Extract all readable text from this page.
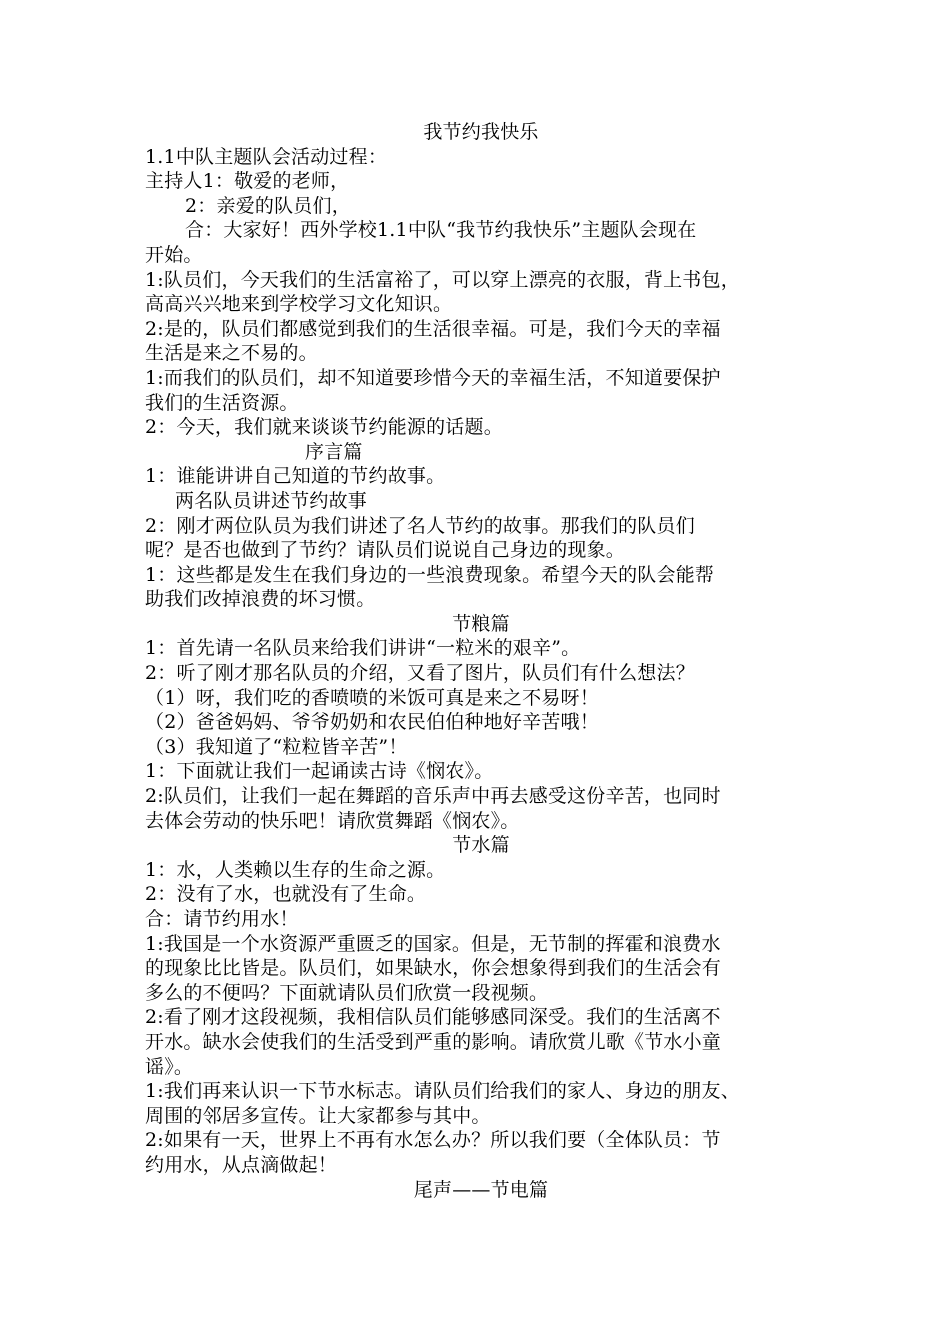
我节约我快乐
1.1中队主题队会活动过程：
主持人1：敬爱的老师，
2：亲爱的队员们，
合：大家好！西外学校1.1中队“我节约我快乐”主题队会现在
开始。
1:队员们，今天我们的生活富裕了，可以穿上漂亮的衣服，背上书包，
高高兴兴地来到学校学习文化知识。
2:是的，队员们都感觉到我们的生活很幸福。可是，我们今天的幸福
生活是来之不易的。
1:而我们的队员们，却不知道要珍惜今天的幸福生活，不知道要保护
我们的生活资源。
2：今天，我们就来谈谈节约能源的话题。
序言篇
1：谁能讲讲自己知道的节约故事。
两名队员讲述节约故事
2：刚才两位队员为我们讲述了名人节约的故事。那我们的队员们
呢？是否也做到了节约？请队员们说说自己身边的现象。
1：这些都是发生在我们身边的一些浪费现象。希望今天的队会能帮
助我们改掉浪费的坏习惯。
节粮篇
1：首先请一名队员来给我们讲讲“一粒米的艰辛”。
2：听了刚才那名队员的介绍，又看了图片，队员们有什么想法？
（1）呀，我们吃的香喷喷的米饭可真是来之不易呀！
（2）爸爸妈妈、爷爷奶奶和农民伯伯种地好辛苦哦！
（3）我知道了“粒粒皆辛苦”！
1：下面就让我们一起诵读古诗《悯农》。
2:队员们，让我们一起在舞蹈的音乐声中再去感受这份辛苦，也同时
去体会劳动的快乐吧！请欣赏舞蹈《悯农》。
节水篇
1：水，人类赖以生存的生命之源。
2：没有了水，也就没有了生命。
合：请节约用水！
1:我国是一个水资源严重匮乏的国家。但是，无节制的挥霍和浪费水
的现象比比皆是。队员们，如果缺水，你会想象得到我们的生活会有
多么的不便吗？下面就请队员们欣赏一段视频。
2:看了刚才这段视频，我相信队员们能够感同深受。我们的生活离不
开水。缺水会使我们的生活受到严重的影响。请欣赏儿歌《节水小童
谣》。
1:我们再来认识一下节水标志。请队员们给我们的家人、身边的朋友、
周围的邻居多宣传。让大家都参与其中。
2:如果有一天，世界上不再有水怎么办？所以我们要（全体队员：节
约用水，从点滴做起！
尾声——节电篇
